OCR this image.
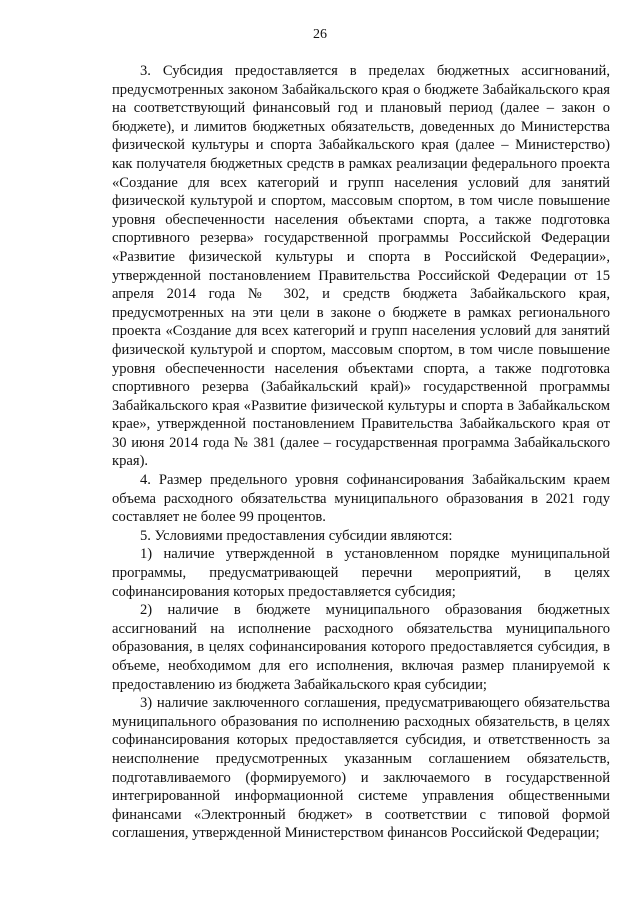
26

3. Субсидия предоставляется в пределах бюджетных ассигнований, предусмотренных законом Забайкальского края о бюджете Забайкальского края на соответствующий финансовый год и плановый период (далее – закон о бюджете), и лимитов бюджетных обязательств, доведенных до Министерства физической культуры и спорта Забайкальского края (далее – Министерство) как получателя бюджетных средств в рамках реализации федерального проекта «Создание для всех категорий и групп населения условий для занятий физической культурой и спортом, массовым спортом, в том числе повышение уровня обеспеченности населения объектами спорта, а также подготовка спортивного резерва» государственной программы Российской Федерации «Развитие физической культуры и спорта в Российской Федерации», утвержденной постановлением Правительства Российской Федерации от 15 апреля 2014 года № 302, и средств бюджета Забайкальского края, предусмотренных на эти цели в законе о бюджете в рамках регионального проекта «Создание для всех категорий и групп населения условий для занятий физической культурой и спортом, массовым спортом, в том числе повышение уровня обеспеченности населения объектами спорта, а также подготовка спортивного резерва (Забайкальский край)» государственной программы Забайкальского края «Развитие физической культуры и спорта в Забайкальском крае», утвержденной постановлением Правительства Забайкальского края от 30 июня 2014 года № 381 (далее – государственная программа Забайкальского края).

4. Размер предельного уровня софинансирования Забайкальским краем объема расходного обязательства муниципального образования в 2021 году составляет не более 99 процентов.

5. Условиями предоставления субсидии являются:

1) наличие утвержденной в установленном порядке муниципальной программы, предусматривающей перечни мероприятий, в целях софинансирования которых предоставляется субсидия;

2) наличие в бюджете муниципального образования бюджетных ассигнований на исполнение расходного обязательства муниципального образования, в целях софинансирования которого предоставляется субсидия, в объеме, необходимом для его исполнения, включая размер планируемой к предоставлению из бюджета Забайкальского края субсидии;

3) наличие заключенного соглашения, предусматривающего обязательства муниципального образования по исполнению расходных обязательств, в целях софинансирования которых предоставляется субсидия, и ответственность за неисполнение предусмотренных указанным соглашением обязательств, подготавливаемого (формируемого) и заключаемого в государственной интегрированной информационной системе управления общественными финансами «Электронный бюджет» в соответствии с типовой формой соглашения, утвержденной Министерством финансов Российской Федерации;
